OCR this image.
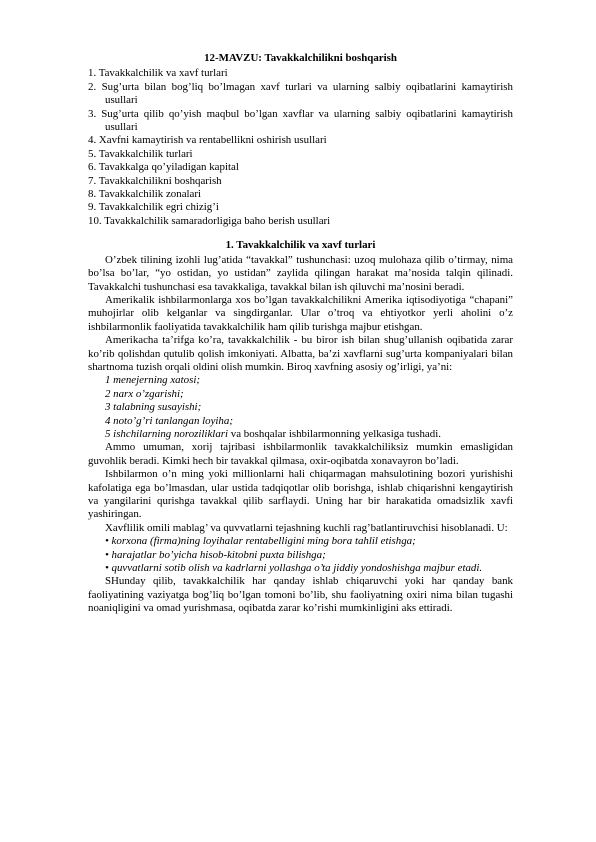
12-MAVZU: Tavakkalchilikni boshqarish
1. Tavakkalchilik va xavf turlari
2. Sug’urta bilan bog’liq bo’lmagan xavf turlari va ularning salbiy oqibatlarini kamaytirish usullari
3. Sug’urta qilib qo’yish maqbul bo’lgan xavflar va ularning salbiy oqibatlarini kamaytirish usullari
4. Xavfni kamaytirish va rentabellikni oshirish usullari
5. Tavakkalchilik turlari
6. Tavakkalga qo’yiladigan kapital
7. Tavakkalchilikni boshqarish
8. Tavakkalchilik zonalari
9. Tavakkalchilik egri chizig’i
10. Tavakkalchilik samaradorligiga baho berish usullari
1. Tavakkalchilik va xavf turlari

O’zbek tilining izohli lug’atida “tavakkal” tushunchasi: uzoq mulohaza qilib o’tirmay, nima bo’lsa bo’lar, “yo ostidan, yo ustidan” zaylida qilingan harakat ma’nosida talqin qilinadi. Tavakkalchi tushunchasi esa tavakkaliga, tavakkal bilan ish qiluvchi ma’nosini beradi.

Amerikalik ishbilarmonlarga xos bo’lgan tavakkalchilikni Amerika iqtisodiyotiga “chapani” muhojirlar olib kelganlar va singdirganlar. Ular o’troq va ehtiyotkor yerli aholini o’z ishbilarmonlik faoliyatida tavakkalchilik ham qilib turishga majbur etishgan.

Amerikacha ta’rifga ko’ra, tavakkalchilik - bu biror ish bilan shug’ullanish oqibatida zarar ko’rib qolishdan qutulib qolish imkoniyati. Albatta, ba’zi xavflarni sug’urta kompaniyalari bilan shartnoma tuzish orqali oldini olish mumkin. Biroq xavfning asosiy og’irligi, ya’ni:

1 menejerning xatosi;
2 narx o’zgarishi;
3 talabning susayishi;
4 noto’g’ri tanlangan loyiha;
5 ishchilarning noroziliklari va boshqalar ishbilarmonning yelkasiga tushadi.

Ammo umuman, xorij tajribasi ishbilarmonlik tavakkalchiliksiz mumkin emasligidan guvohlik beradi. Kimki hech bir tavakkal qilmasa, oxir-oqibatda xonavayron bo’ladi.

Ishbilarmon o’n ming yoki millionlarni hali chiqarmagan mahsulotining bozori yurishishi kafolatiga ega bo’lmasdan, ular ustida tadqiqotlar olib borishga, ishlab chiqarishni kengaytirish va yangilarini qurishga tavakkal qilib sarflaydi. Uning har bir harakatida omadsizlik xavfi yashiringan.

Xavflilik omili mablag’ va quvvatlarni tejashning kuchli rag’batlantiruvchisi hisoblanadi. U:

• korxona (firma)ning loyihalar rentabelligini ming bora tahlil etishga;
• harajatlar bo’yicha hisob-kitobni puxta bilishga;
• quvvatlarni sotib olish va kadrlarni yollashga o’ta jiddiy yondoshishga majbur etadi.

SHunday qilib, tavakkalchilik har qanday ishlab chiqaruvchi yoki har qanday bank faoliyatining vaziyatga bog’liq bo’lgan tomoni bo’lib, shu faoliyatning oxiri nima bilan tugashi noaniqligini va omad yurishmasa, oqibatda zarar ko’rishi mumkinligini aks ettiradi.
